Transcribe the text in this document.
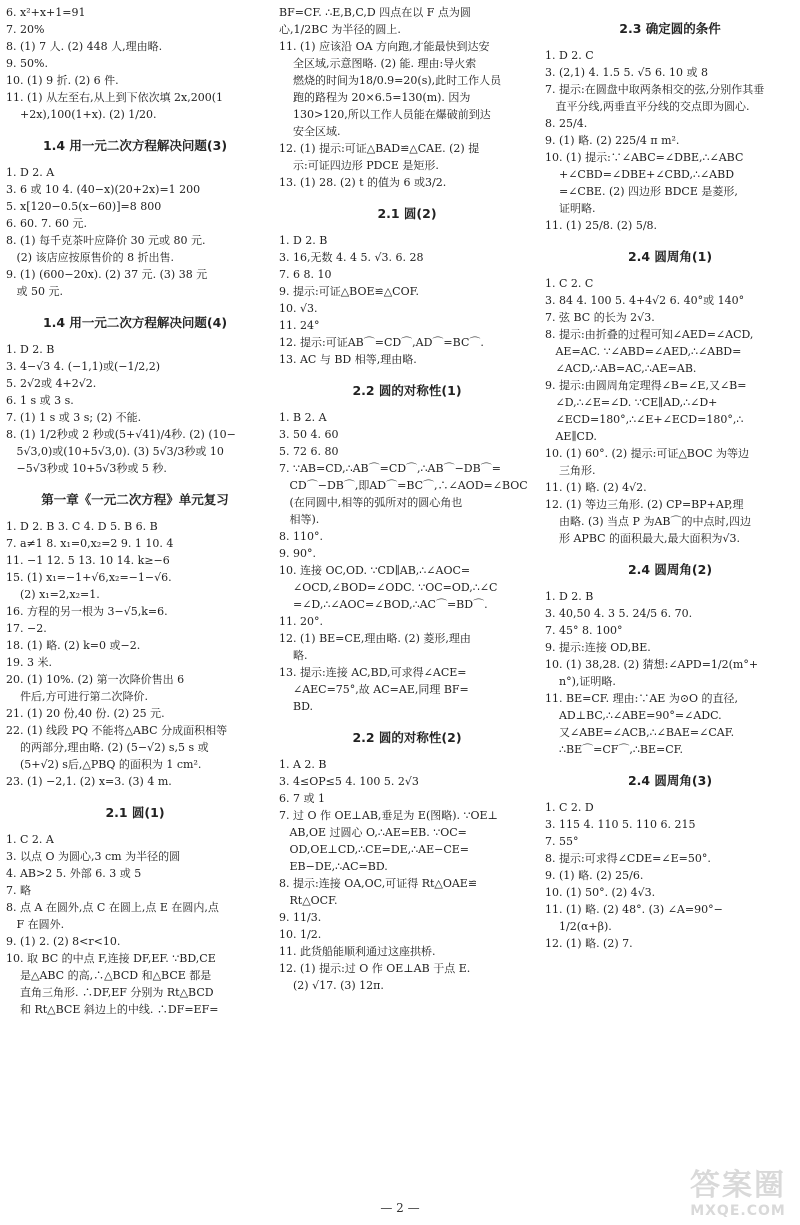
6. x²+x+1=91
7. 20%
8. (1) 7 人. (2) 448 人,理由略.
9. 50%.
10. (1) 9 折. (2) 6 件.
11. (1) 从左至右,从上到下依次填 2x,200(1
+2x),100(1+x). (2) 1/20.
1.4 用一元二次方程解决问题(3)
1. D 2. A
3. 6 或 10 4. (40−x)(20+2x)=1 200
5. x[120−0.5(x−60)]=8 800
6. 60. 7. 60 元.
8. (1) 每千克茶叶应降价 30 元或 80 元.
(2) 该店应按原售价的 8 折出售.
9. (1) (600−20x). (2) 37 元. (3) 38 元
或 50 元.
1.4 用一元二次方程解决问题(4)
1. D 2. B
3. 4−√3 4. (−1,1)或(−1/2,2)
5. 2√2或 4+2√2.
6. 1 s 或 3 s.
7. (1) 1 s 或 3 s; (2) 不能.
8. (1) 1/2秒或 2 秒或(5+√41)/4秒. (2) (10−
5√3,0)或(10+5√3,0). (3) 5√3/3秒或 10
−5√3秒或 10+5√3秒或 5 秒.
第一章《一元二次方程》单元复习
1. D 2. B 3. C 4. D 5. B 6. B
7. a≠1 8. x₁=0,x₂=2 9. 1 10. 4
11. −1 12. 5 13. 10 14. k≥−6
15. (1) x₁=−1+√6,x₂=−1−√6.
(2) x₁=2,x₂=1.
16. 方程的另一根为 3−√5,k=6.
17. −2.
18. (1) 略. (2) k=0 或−2.
19. 3 米.
20. (1) 10%. (2) 第一次降价售出 6
件后,方可进行第二次降价.
21. (1) 20 份,40 份. (2) 25 元.
22. (1) 线段 PQ 不能将△ABC 分成面积相等
的两部分,理由略. (2) (5−√2) s,5 s 或
(5+√2) s后,△PBQ 的面积为 1 cm².
23. (1) −2,1. (2) x=3. (3) 4 m.
2.1 圆(1)
1. C 2. A
3. 以点 O 为圆心,3 cm 为半径的圆
4. AB>2 5. 外部 6. 3 或 5
7. 略
8. 点 A 在圆外,点 C 在圆上,点 E 在圆内,点
F 在圆外.
9. (1) 2. (2) 8<r<10.
10. 取 BC 的中点 F,连接 DF,EF. ∵BD,CE
是△ABC 的高,∴△BCD 和△BCE 都是
直角三角形. ∴DF,EF 分别为 Rt△BCD
和 Rt△BCE 斜边上的中线. ∴DF=EF=
BF=CF. ∴E,B,C,D 四点在以 F 点为圆
心,1/2BC 为半径的圆上.
11. (1) 应该沿 OA 方向跑,才能最快到达安
全区域,示意图略. (2) 能. 理由:导火索
燃烧的时间为18/0.9=20(s),此时工作人员
跑的路程为 20×6.5=130(m). 因为
130>120,所以工作人员能在爆破前到达
安全区域.
12. (1) 提示:可证△BAD≌△CAE. (2) 提
示:可证四边形 PDCE 是矩形.
13. (1) 28. (2) t 的值为 6 或3/2.
2.1 圆(2)
1. D 2. B
3. 16,无数 4. 4 5. √3. 6. 28
7. 6 8. 10
9. 提示:可证△BOE≌△COF.
10. √3.
11. 24°
12. 提示:可证AB⌒=CD⌒,AD⌒=BC⌒.
13. AC 与 BD 相等,理由略.
2.2 圆的对称性(1)
1. B 2. A
3. 50 4. 60
5. 72 6. 80
7. ∵AB=CD,∴AB⌒=CD⌒,∴AB⌒−DB⌒=
CD⌒−DB⌒,即AD⌒=BC⌒,∴∠AOD=∠BOC
(在同圆中,相等的弧所对的圆心角也
相等).
8. 110°.
9. 90°.
10. 连接 OC,OD. ∵CD∥AB,∴∠AOC=
∠OCD,∠BOD=∠ODC. ∵OC=OD,∴∠C
=∠D,∴∠AOC=∠BOD,∴AC⌒=BD⌒.
11. 20°.
12. (1) BE=CE,理由略. (2) 菱形,理由
略.
13. 提示:连接 AC,BD,可求得∠ACE=
∠AEC=75°,故 AC=AE,同理 BF=
BD.
2.2 圆的对称性(2)
1. A 2. B
3. 4≤OP≤5 4. 100 5. 2√3
6. 7 或 1
7. 过 O 作 OE⊥AB,垂足为 E(图略). ∵OE⊥
AB,OE 过圆心 O,∴AE=EB. ∵OC=
OD,OE⊥CD,∴CE=DE,∴AE−CE=
EB−DE,∴AC=BD.
8. 提示:连接 OA,OC,可证得 Rt△OAE≌
Rt△OCF.
9. 11/3.
10. 1/2.
11. 此货船能顺利通过这座拱桥.
12. (1) 提示:过 O 作 OE⊥AB 于点 E.
(2) √17. (3) 12π.
2.3 确定圆的条件
1. D 2. C
3. (2,1) 4. 1.5 5. √5 6. 10 或 8
7. 提示:在圆盘中取两条相交的弦,分别作其垂
直平分线,两垂直平分线的交点即为圆心.
8. 25/4.
9. (1) 略. (2) 225/4 π m².
10. (1) 提示:∵∠ABC=∠DBE,∴∠ABC
+∠CBD=∠DBE+∠CBD,∴∠ABD
=∠CBE. (2) 四边形 BDCE 是菱形,
证明略.
11. (1) 25/8. (2) 5/8.
2.4 圆周角(1)
1. C 2. C
3. 84 4. 100 5. 4+4√2 6. 40°或 140°
7. 弦 BC 的长为 2√3.
8. 提示:由折叠的过程可知∠AED=∠ACD,
AE=AC. ∵∠ABD=∠AED,∴∠ABD=
∠ACD,∴AB=AC,∴AE=AB.
9. 提示:由圆周角定理得∠B=∠E,又∠B=
∠D,∴∠E=∠D. ∵CE∥AD,∴∠D+
∠ECD=180°,∴∠E+∠ECD=180°,∴
AE∥CD.
10. (1) 60°. (2) 提示:可证△BOC 为等边
三角形.
11. (1) 略. (2) 4√2.
12. (1) 等边三角形. (2) CP=BP+AP,理
由略. (3) 当点 P 为AB⌒的中点时,四边
形 APBC 的面积最大,最大面积为√3.
2.4 圆周角(2)
1. D 2. B
3. 40,50 4. 3 5. 24/5 6. 70.
7. 45° 8. 100°
9. 提示:连接 OD,BE.
10. (1) 38,28. (2) 猜想:∠APD=1/2(m°+
n°),证明略.
11. BE=CF. 理由:∵AE 为⊙O 的直径,
AD⊥BC,∴∠ABE=90°=∠ADC.
又∠ABE=∠ACB,∴∠BAE=∠CAF.
∴BE⌒=CF⌒,∴BE=CF.
2.4 圆周角(3)
1. C 2. D
3. 115 4. 110 5. 110 6. 215
7. 55°
8. 提示:可求得∠CDE=∠E=50°.
9. (1) 略. (2) 25/6.
10. (1) 50°. (2) 4√3.
11. (1) 略. (2) 48°. (3) ∠A=90°−
1/2(α+β).
12. (1) 略. (2) 7.
— 2 —
答案圈
MXQE.COM
